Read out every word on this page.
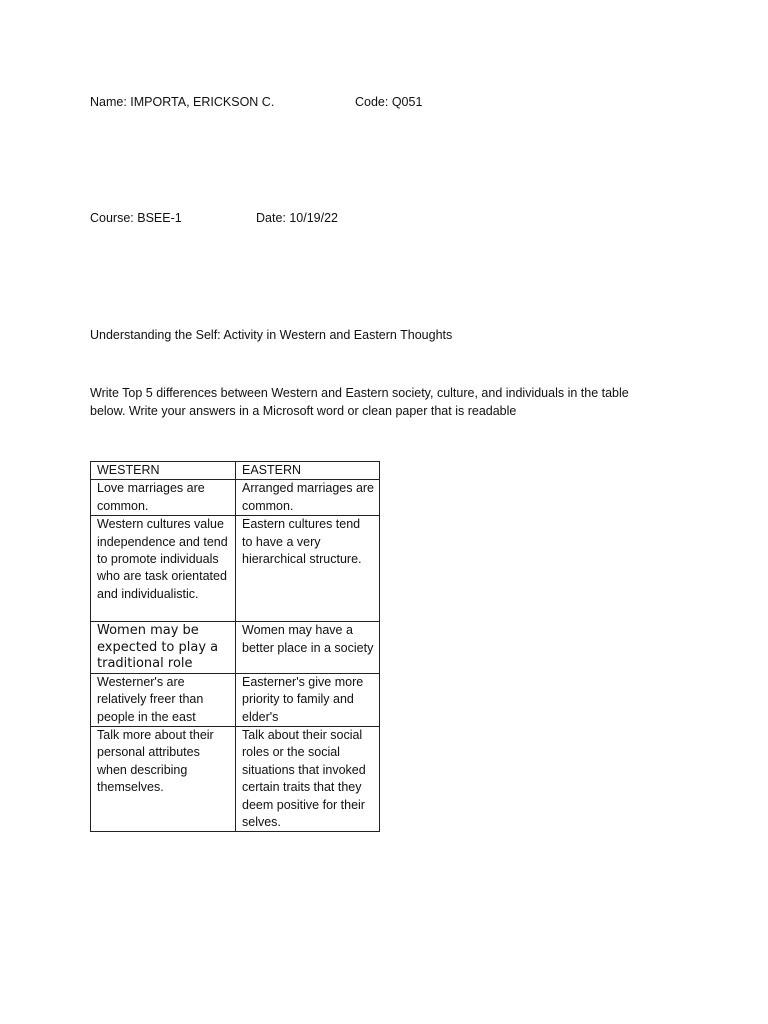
Name: IMPORTA, ERICKSON C.	Code: Q051
Course: BSEE-1	Date: 10/19/22
Understanding the Self: Activity in Western and Eastern Thoughts
Write Top 5 differences between Western and Eastern society, culture, and individuals in the table below. Write your answers in a Microsoft word or clean paper that is readable
WESTERN	EASTERN
Love marriages are common.	Arranged marriages are common.
Western cultures value independence and tend to promote individuals who are task orientated and individualistic.	Eastern cultures tend to have a very hierarchical structure.
Women may be expected to play a traditional role	Women may have a better place in a society
Westerner's are relatively freer than people in the east	Easterner's give more priority to family and elder's
Talk more about their personal attributes when describing themselves.	Talk about their social roles or the social situations that invoked certain traits that they deem positive for their selves.
